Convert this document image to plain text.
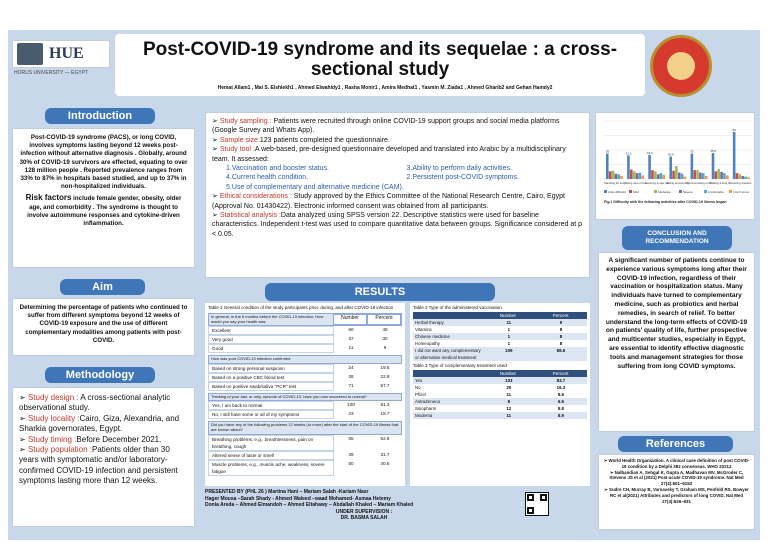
HUE
HORUS UNIVERSITY — EGYPT
Post-COVID-19 syndrome and its sequelae : a cross-
sectional study
Hemat Allam1 , Mai S. Elshiekh1 , Ahmed Elwahidy1 , Rasha Monir1 , Amira Medhat1 , Yasmin M. Ziada1 , Ahmed Gharib2 and Gehan Hamdy2
Introduction
Post-COVID-19 syndrome (PACS), or long COVID, involves symptoms lasting beyond 12 weeks post-infection without alternative diagnosis . Globally, around 30% of COVID-19 survivors are effected, equating to over 128 million people . Reported prevalence ranges from 33% to 87% in hospitals based studied, and up to 37% in non-hospitalized individuals.
Risk factors include female gender, obesity, older age, and comorbidity . The syndrome is thought to involve autoimmune responses and cytokine-driven inflammation.
Aim
Determining the percentage of patients who continued to suffer from different symptoms beyond 12 weeks of COVID-19 exposure and the use of different complementary modalities among patients with post-COVID.
Methodology
➢ Study design : A cross-sectional analytic observational study.
➢ Study locality :Cairo, Giza, Alexandria, and Sharkia governorates, Egypt.
➢ Study timing :Before December 2021.
➢ Study population :Patients older than 30 years with symptomatic and/or laboratory-confirmed COVID-19 infection and persistent symptoms lasting more than 12 weeks.
➢ Study sampling : Patients were recruited through online COVID-19 support groups and social media platforms (Google Survey and Whats App).
➢ Sample size:123 patients completed the questionnaire.
➢ Study tool :A web-based, pre-designed questionnaire developed and translated into Arabic by a multidisciplinary team. It assessed:
1.Vaccination and booster status.	3.Ability to perform daily activities.
4.Current health condition.	2.Persistent post-COVID symptoms.
5.Use of complementary and alternative medicine (CAM).
➢ Ethical considerations : Study approved by the Ethics Committee of the National Research Centre, Cairo, Egypt (Approval No. 01430422). Electronic informed consent was obtained from all participants.
➢ Statistical analysis :Data analyzed using SPSS version 22. Descriptive statistics were used for baseline characteristics. Independent t-test was used to compare quantitative data between groups. Significance considered at p < 0.05.
35
Standing for long
32.5
Taking care of hou
33.3
Learning a new tas
30.9
Being emotionally
35
Concentrating on d
35.8
Walking a long dis
65
Getting dressed
Little difficulty Mild	Moderate	Severe	A lot/unable	I don't know
Fig.1 Difficulty with the following activities after COVID-19 illness began
RESULTS
Table 1 General condition of the study participants prior, during, and after COVID-19 infection
In general, in the 6 months before the COVID-19 infection: How would you say your health was
Number	Percent
Excellent	60	49
Very good	37	30
Good	11	9
How was your COVID-19 infection confirmed
Based on strong personal suspicion	24	19.5
Based on a positive CBC blood test	28	22.8
Based on positive swab/saliva "PCR" test	71	57.7
Thinking of your last, or only, episode of COVID-19, have you now recovered to normal?
Yes, I am back to normal	100	81.3
No, I still have some or all of my symptoms	23	18.7
Did you have any of the following problems 12 weeks (or more) after the start of the COVID-19 illness that are known about?
Breathing problems, e.g., breathlessness, pain on breathing, cough
65	52.8
Altered sense of taste or smell	39	31.7
Muscle problems, e.g., muscle ache, weakness, severe fatigue
50	40.6
Table 2 Type of the administered vaccination
Number	Percent
Herbal therapy	11	9
Vitamins	1	8
Chinese medicine	1	8
Homeopathy	1	8
I did not want any complementary or alternative medical treatment
109	88.6
Table 3 Type of complementary treatment used
Number	Percent
Yes	103	83.7
No	20	16.3
Pfizer	11	8.9
AstraZeneca	8	6.5
Sinopharm	12	9.8
Moderna	11	8.9
PRESENTED BY (PHL 26 ) Martina Hani – Mariam Salah -Kariam Nasr
Hager Mousa –Sarah Shady - Ahmed Waleed –waad Mohamed- Asmaa Hetemy
Donia Areda – Ahmed Elmandoh – Ahmed Eltahawy – Abdallah Khaled – Mariam Khaled
UNDER SUPERVISION :
DR. BASMA SALAH
CONCLUSION AND RECOMMENDATION
A significant number of patients continue to experience various symptoms long after their COVID-19 infection, regardless of their vaccination or hospitalization status. Many individuals have turned to complementary medicine, such as probiotics and herbal remedies, in search of relief. To better understand the long-term effects of COVID-19 on patients' quality of life, further prospective and multicenter studies, especially in Egypt, are essential to identify effective diagnostic tools and management strategies for those suffering from long COVID symptoms.
References
➢ World Health Organization. A clinical case definition of post COVID-19 condition by a Delphi 382 consensus. WHO 20212
➢ Nalbandian A, Sehgal K, Gupta A, Madhavan MV, McGroder C, Stevens JS et al (2021) Post-acute COVID-19 syndrome. Nat Med 27(4):601–6153
➢ Sudre CH, Murray B, Varsavsky T, Graham MS, Penfold RS, Bowyer RC et al(2021) Attributes and predictors of long COVID. Nat Med 27(4):626–631
